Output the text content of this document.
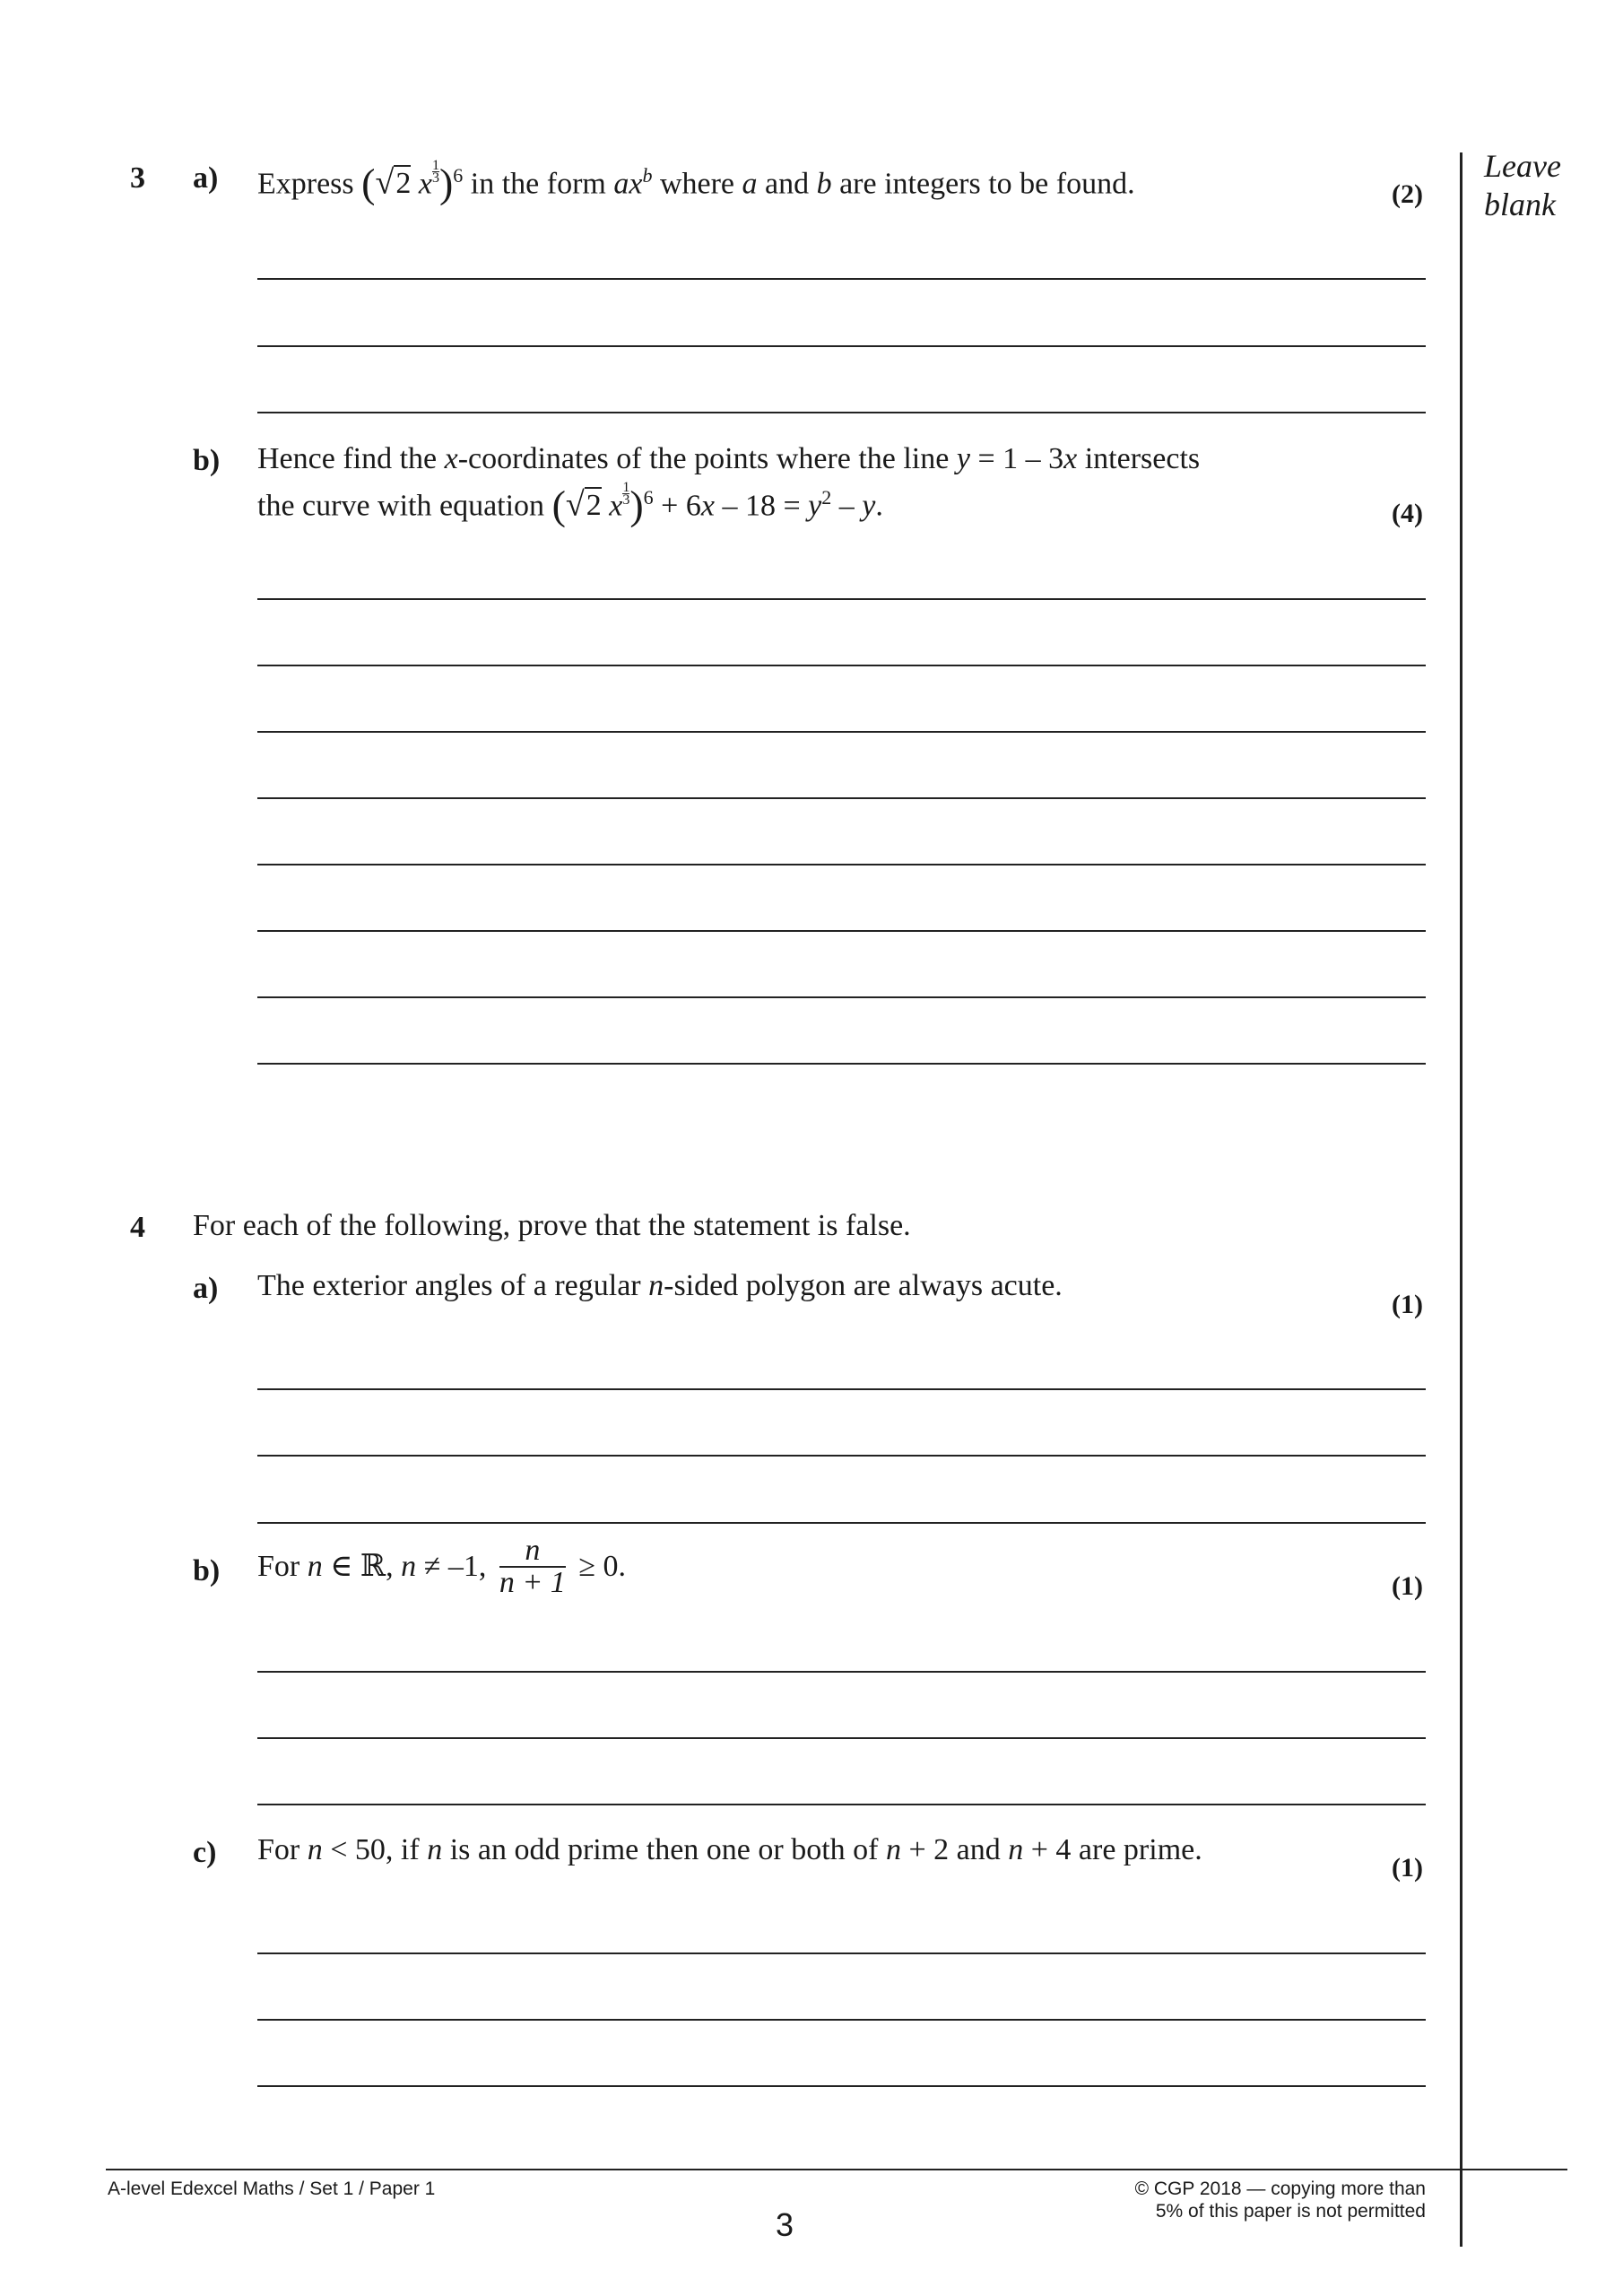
Leave
blank
3 a) Express (√2 x $\frac{1}{3} )^6$ in the form $ax^b$ where a and b are integers to be found.	(2)
b) Hence find the x-coordinates of the points where the line y = 1 – 3x intersects
the curve with equation (√2 x $\frac{1}{3} )^6 + 6x - 18 = y^2 - y$.	(4)
4 For each of the following, prove that the statement is false.
a) The exterior angles of a regular n-sided polygon are always acute.
(1)
b) For n ∈ ℝ, n ≠ –1, $\frac{n}{n + 1} \ge 0$.
(1)
c) For n < 50, if n is an odd prime then one or both of n + 2 and n + 4 are prime.
(1)
A-level Edexcel Maths / Set 1 / Paper 1
3
© CGP 2018 — copying more than
5% of this paper is not permitted
